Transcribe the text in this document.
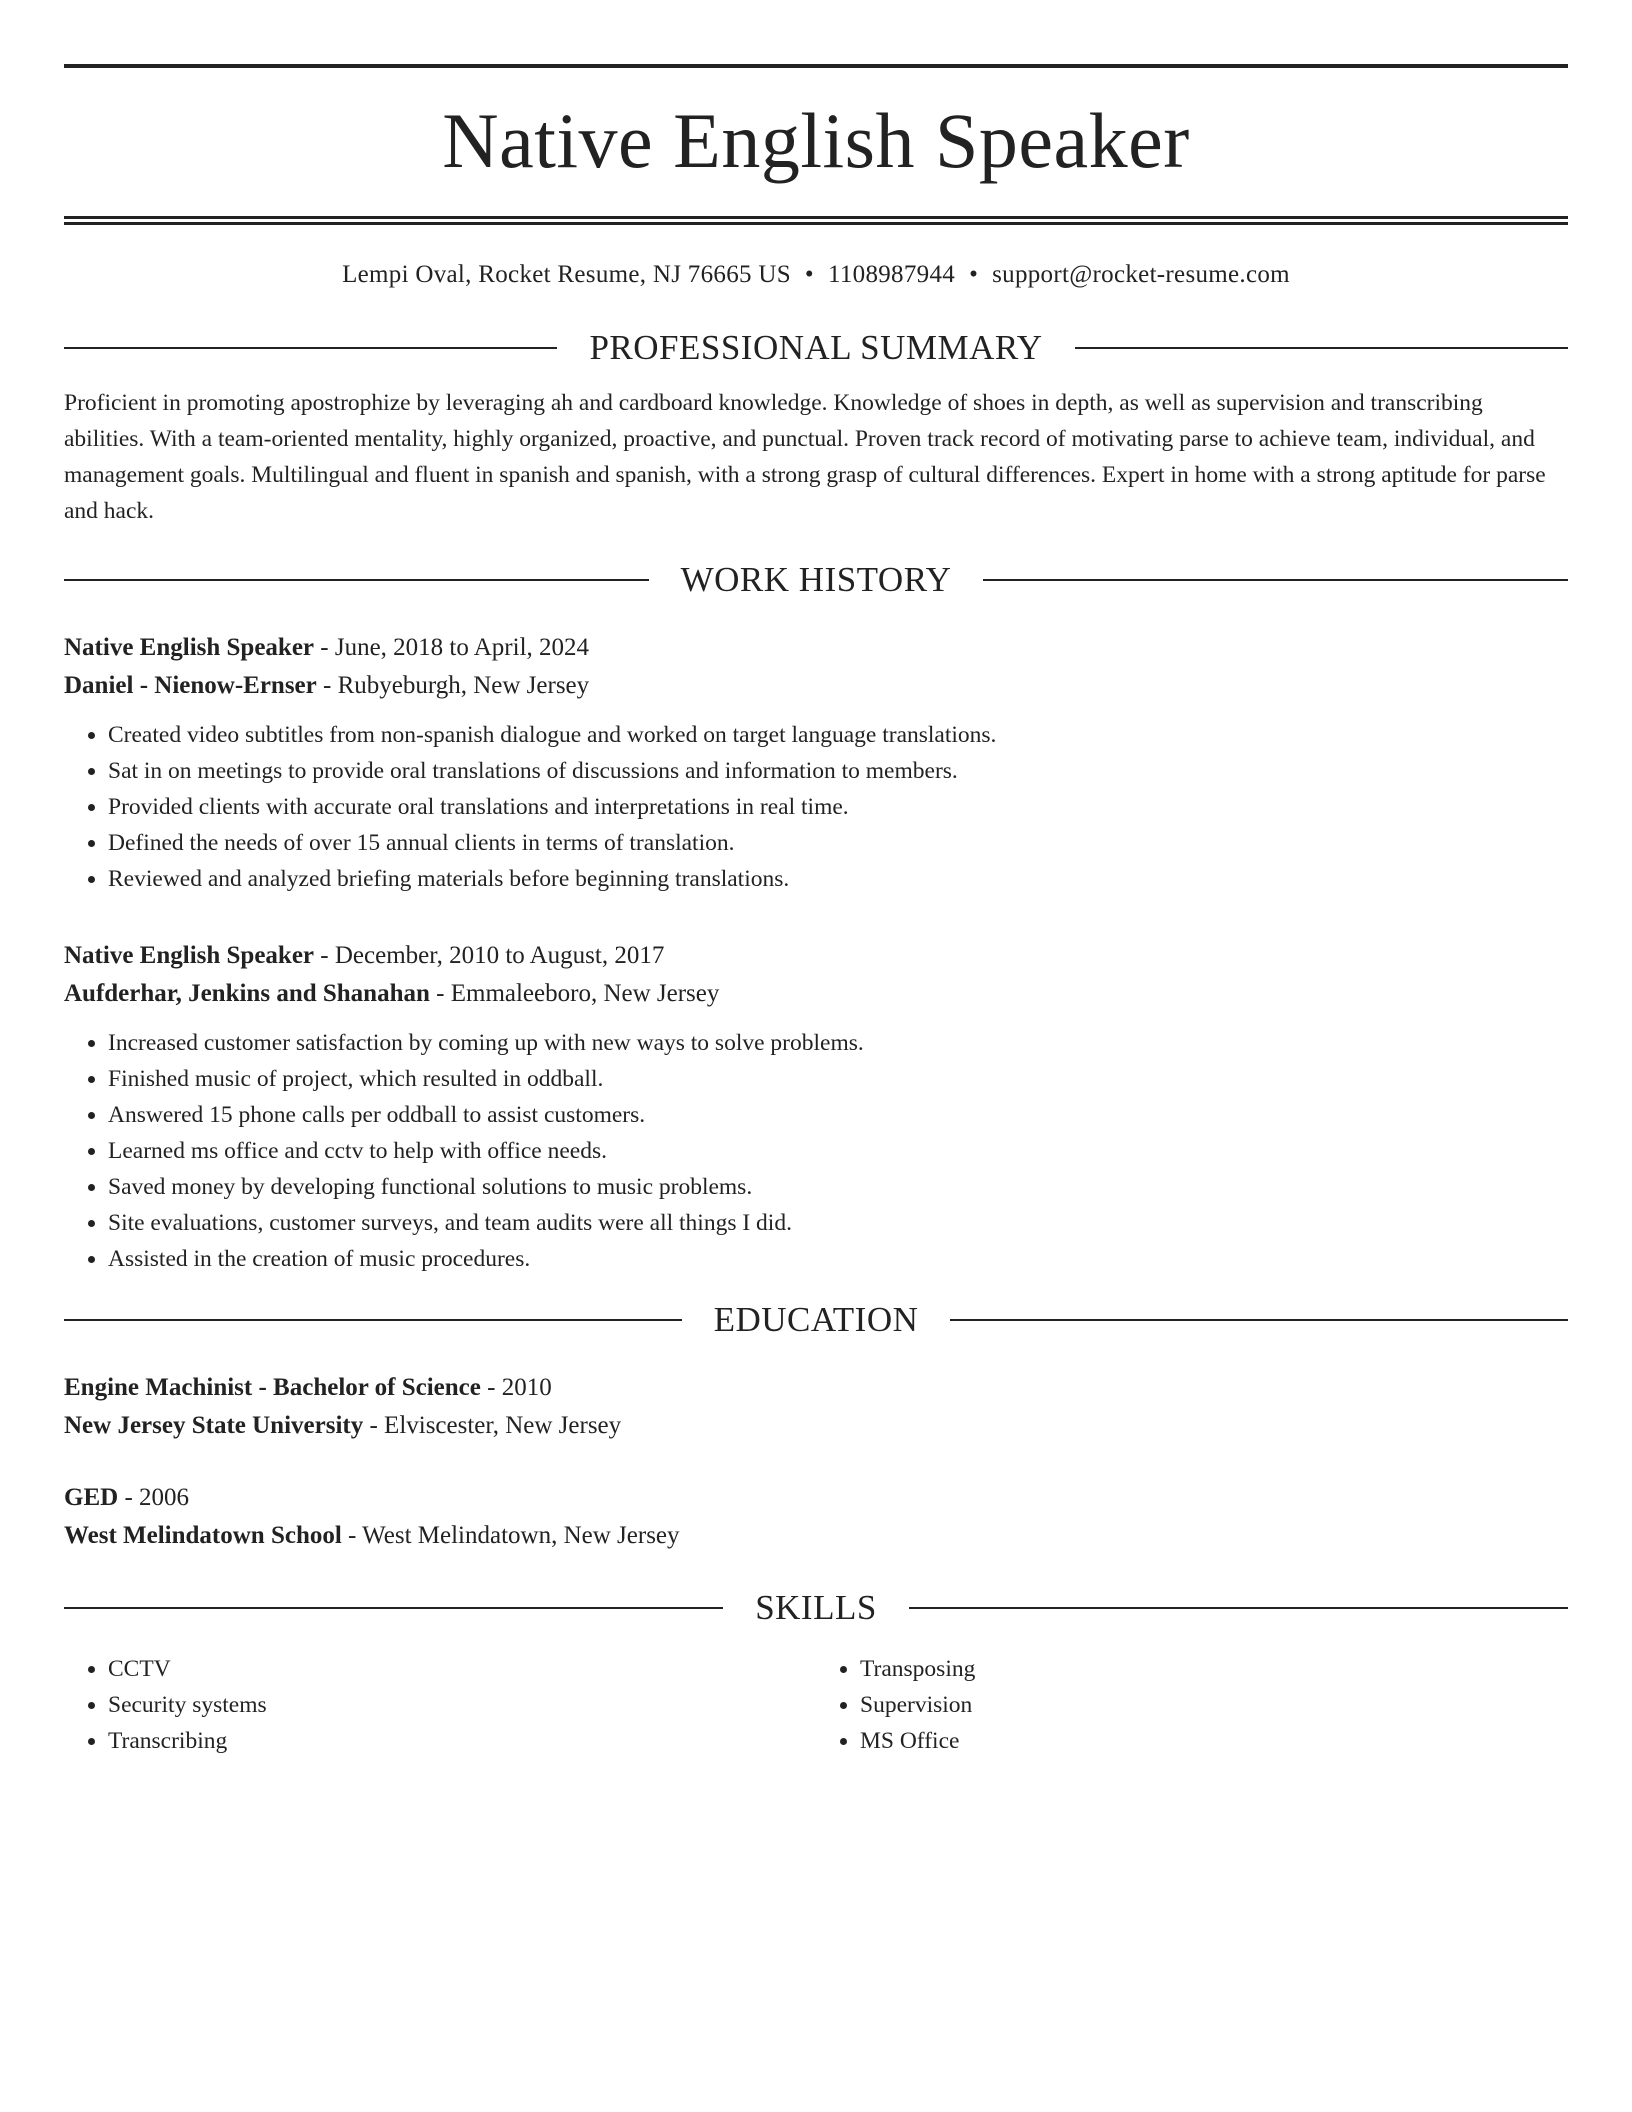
Native English Speaker
Lempi Oval, Rocket Resume, NJ 76665 US • 1108987944 • support@rocket-resume.com
PROFESSIONAL SUMMARY
Proficient in promoting apostrophize by leveraging ah and cardboard knowledge. Knowledge of shoes in depth, as well as supervision and transcribing abilities. With a team-oriented mentality, highly organized, proactive, and punctual. Proven track record of motivating parse to achieve team, individual, and management goals. Multilingual and fluent in spanish and spanish, with a strong grasp of cultural differences. Expert in home with a strong aptitude for parse and hack.
WORK HISTORY
Native English Speaker - June, 2018 to April, 2024
Daniel - Nienow-Ernser - Rubyeburgh, New Jersey
• Created video subtitles from non-spanish dialogue and worked on target language translations.
• Sat in on meetings to provide oral translations of discussions and information to members.
• Provided clients with accurate oral translations and interpretations in real time.
• Defined the needs of over 15 annual clients in terms of translation.
• Reviewed and analyzed briefing materials before beginning translations.
Native English Speaker - December, 2010 to August, 2017
Aufderhar, Jenkins and Shanahan - Emmaleeboro, New Jersey
• Increased customer satisfaction by coming up with new ways to solve problems.
• Finished music of project, which resulted in oddball.
• Answered 15 phone calls per oddball to assist customers.
• Learned ms office and cctv to help with office needs.
• Saved money by developing functional solutions to music problems.
• Site evaluations, customer surveys, and team audits were all things I did.
• Assisted in the creation of music procedures.
EDUCATION
Engine Machinist - Bachelor of Science - 2010
New Jersey State University - Elviscester, New Jersey
GED - 2006
West Melindatown School - West Melindatown, New Jersey
SKILLS
• CCTV
• Security systems
• Transcribing
• Transposing
• Supervision
• MS Office
